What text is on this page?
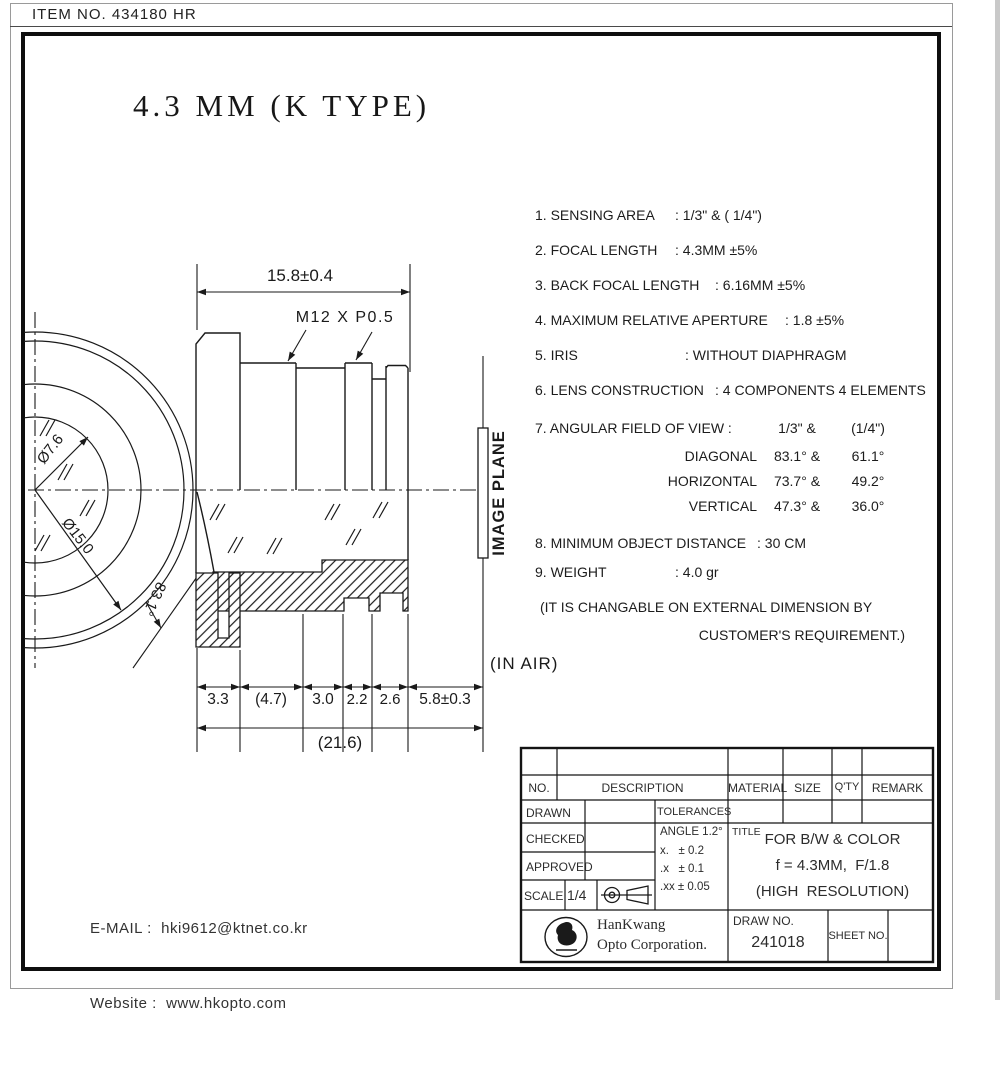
ITEM NO. 434180 HR
4.3 MM (K TYPE)
Ø7.6
Ø15.0
83.1°
IMAGE PLANE
(IN AIR)
M12 X P0.5
15.8±0.4
3.3 (4.7) 3.0 2.2 2.6 5.8±0.3
(21.6)
1. SENSING AREA	: 1/3" & ( 1/4")
2. FOCAL LENGTH	: 4.3MM ±5%
3. BACK FOCAL LENGTH	: 6.16MM ±5%
4. MAXIMUM RELATIVE APERTURE	: 1.8 ±5%
5. IRIS	: WITHOUT DIAPHRAGM
6. LENS CONSTRUCTION : 4 COMPONENTS 4 ELEMENTS
7. ANGULAR FIELD OF VIEW :	1/3" &	(1/4")
DIAGONAL	83.1° &	61.1°
HORIZONTAL	73.7° &	49.2°
VERTICAL	47.3° &	36.0°
8. MINIMUM OBJECT DISTANCE : 30 CM
9. WEIGHT	: 4.0 gr
(IT IS CHANGABLE ON EXTERNAL DIMENSION BY
CUSTOMER'S REQUIREMENT.)

E-MAIL : hki9612@ktnet.co.kr

Website : www.hkopto.com

NO.	DESCRIPTION	MATERIAL SIZE	Q'TY	REMARK
DRAWN	TOLERANCES
CHECKED
APPROVED
SCALE 1/4
ANGLE 1.2°
x.   ± 0.2
.x   ± 0.1
.xx ± 0.05
TITLE FOR B/W & COLOR
f = 4.3MM,  F/1.8
(HIGH  RESOLUTION)
HanKwang
Opto Corporation.
DRAW NO.
241018	SHEET NO.
